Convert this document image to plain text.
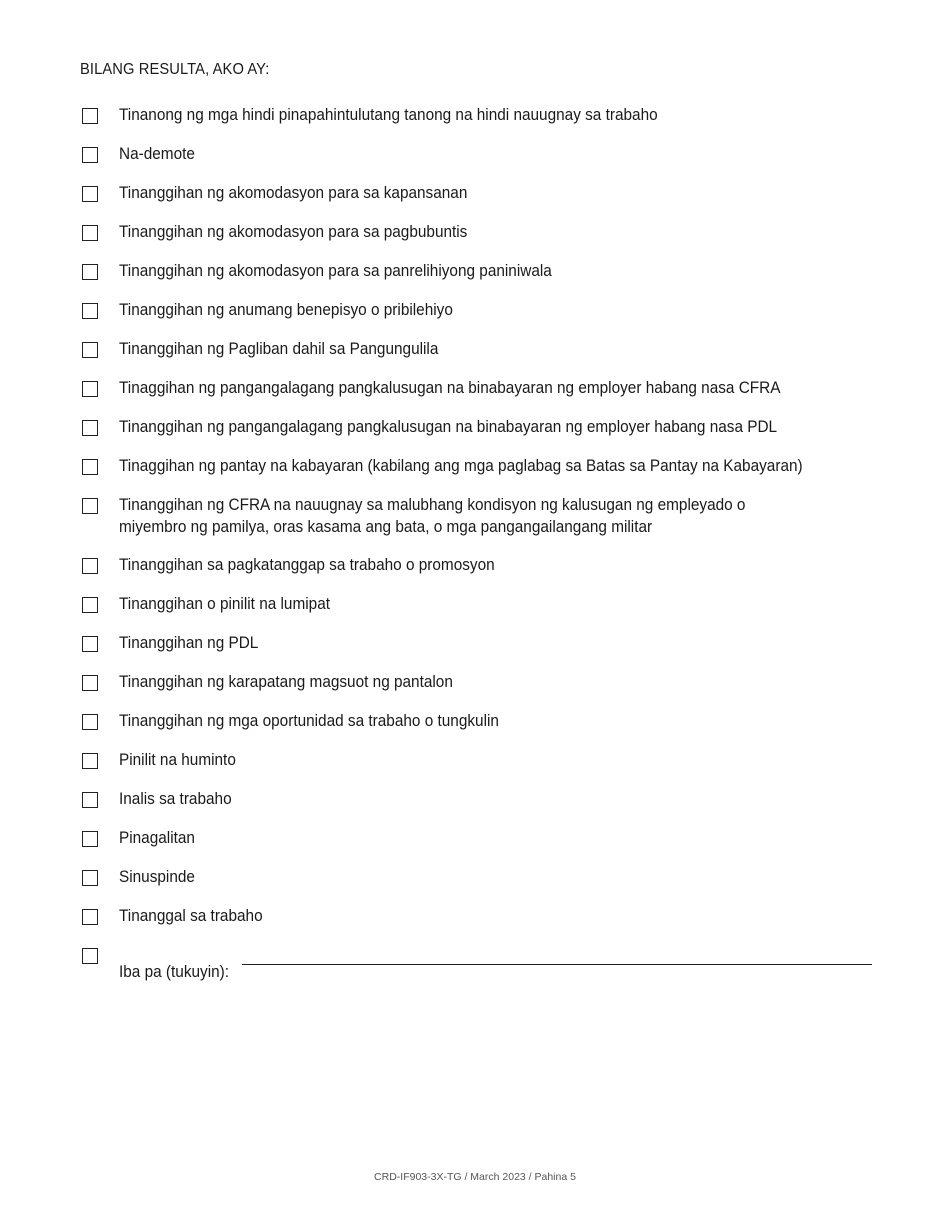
BILANG RESULTA, AKO AY:
Tinanong ng mga hindi pinapahintulutang tanong na hindi nauugnay sa trabaho
Na-demote
Tinanggihan ng akomodasyon para sa kapansanan
Tinanggihan ng akomodasyon para sa pagbubuntis
Tinanggihan ng akomodasyon para sa panrelihiyong paniniwala
Tinanggihan ng anumang benepisyo o pribilehiyo
Tinanggihan ng Pagliban dahil sa Pangungulila
Tinaggihan ng pangangalagang pangkalusugan na binabayaran ng employer habang nasa CFRA
Tinanggihan ng pangangalagang pangkalusugan na binabayaran ng employer habang nasa PDL
Tinaggihan ng pantay na kabayaran (kabilang ang mga paglabag sa Batas sa Pantay na Kabayaran)
Tinanggihan ng CFRA na nauugnay sa malubhang kondisyon ng kalusugan ng empleyado o miyembro ng pamilya, oras kasama ang bata, o mga pangangailangang militar
Tinanggihan sa pagkatanggap sa trabaho o promosyon
Tinanggihan o pinilit na lumipat
Tinanggihan ng PDL
Tinanggihan ng karapatang magsuot ng pantalon
Tinanggihan ng mga oportunidad sa trabaho o tungkulin
Pinilit na huminto
Inalis sa trabaho
Pinagalitan
Sinuspinde
Tinanggal sa trabaho
Iba pa (tukuyin):
CRD-IF903-3X-TG / March 2023 / Pahina 5
